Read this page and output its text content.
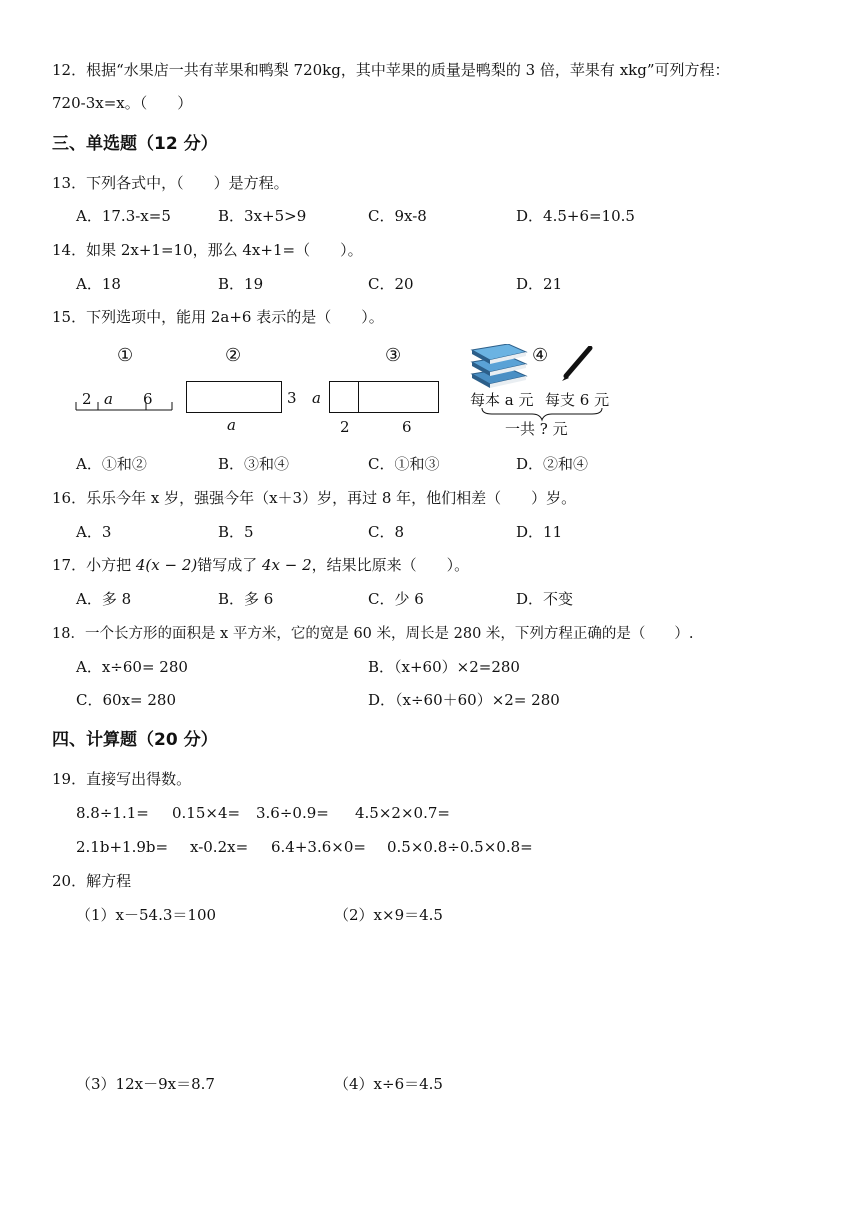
12．根据“水果店一共有苹果和鸭梨 720kg，其中苹果的质量是鸭梨的 3 倍，苹果有 xkg”可列方程：
720-3x=x。（　　）
三、单选题（12 分）
13．下列各式中，（　　）是方程。
A．17.3-x=5	B．3x+5>9	C．9x-8	D．4.5+6=10.5
14．如果 2x+1=10，那么 4x+1=（　　）。
A．18	B．19	C．20	D．21
15．下列选项中，能用 2a+6 表示的是（　　）。
①
2 a 6
②
3
a
③
a
2	6
④
每本 a 元 每支 6 元
一共 ? 元
A．①和②	B．③和④	C．①和③	D．②和④
16．乐乐今年 x 岁，强强今年（x＋3）岁，再过 8 年，他们相差（　　）岁。
A．3	B．5	C．8	D．11
17．小方把 4(x − 2)错写成了 4x − 2，结果比原来（　　）。
A．多 8	B．多 6	C．少 6	D．不变
18．一个长方形的面积是 x 平方米，它的宽是 60 米，周长是 280 米，下列方程正确的是（　　）.
A．x÷60= 280	B．（x+60）×2=280
C．60x= 280	D．（x÷60＋60）×2= 280
四、计算题（20 分）
19．直接写出得数。
8.8÷1.1= 0.15×4= 3.6÷0.9= 4.5×2×0.7=
2.1b+1.9b= x-0.2x= 6.4+3.6×0= 0.5×0.8÷0.5×0.8=
20．解方程
（1）x－54.3＝100	（2）x×9＝4.5
（3）12x－9x＝8.7	（4）x÷6＝4.5
